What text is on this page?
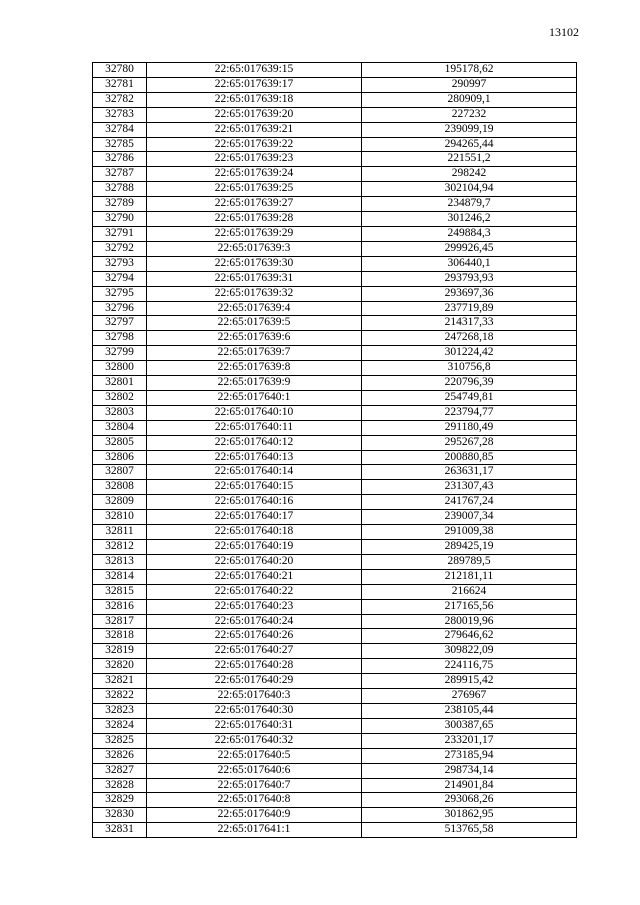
13102
32780	22:65:017639:15	195178,62
32781	22:65:017639:17	290997
32782	22:65:017639:18	280909,1
32783	22:65:017639:20	227232
32784	22:65:017639:21	239099,19
32785	22:65:017639:22	294265,44
32786	22:65:017639:23	221551,2
32787	22:65:017639:24	298242
32788	22:65:017639:25	302104,94
32789	22:65:017639:27	234879,7
32790	22:65:017639:28	301246,2
32791	22:65:017639:29	249884,3
32792	22:65:017639:3	299926,45
32793	22:65:017639:30	306440,1
32794	22:65:017639:31	293793,93
32795	22:65:017639:32	293697,36
32796	22:65:017639:4	237719,89
32797	22:65:017639:5	214317,33
32798	22:65:017639:6	247268,18
32799	22:65:017639:7	301224,42
32800	22:65:017639:8	310756,8
32801	22:65:017639:9	220796,39
32802	22:65:017640:1	254749,81
32803	22:65:017640:10	223794,77
32804	22:65:017640:11	291180,49
32805	22:65:017640:12	295267,28
32806	22:65:017640:13	200880,85
32807	22:65:017640:14	263631,17
32808	22:65:017640:15	231307,43
32809	22:65:017640:16	241767,24
32810	22:65:017640:17	239007,34
32811	22:65:017640:18	291009,38
32812	22:65:017640:19	289425,19
32813	22:65:017640:20	289789,5
32814	22:65:017640:21	212181,11
32815	22:65:017640:22	216624
32816	22:65:017640:23	217165,56
32817	22:65:017640:24	280019,96
32818	22:65:017640:26	279646,62
32819	22:65:017640:27	309822,09
32820	22:65:017640:28	224116,75
32821	22:65:017640:29	289915,42
32822	22:65:017640:3	276967
32823	22:65:017640:30	238105,44
32824	22:65:017640:31	300387,65
32825	22:65:017640:32	233201,17
32826	22:65:017640:5	273185,94
32827	22:65:017640:6	298734,14
32828	22:65:017640:7	214901,84
32829	22:65:017640:8	293068,26
32830	22:65:017640:9	301862,95
32831	22:65:017641:1	513765,58
